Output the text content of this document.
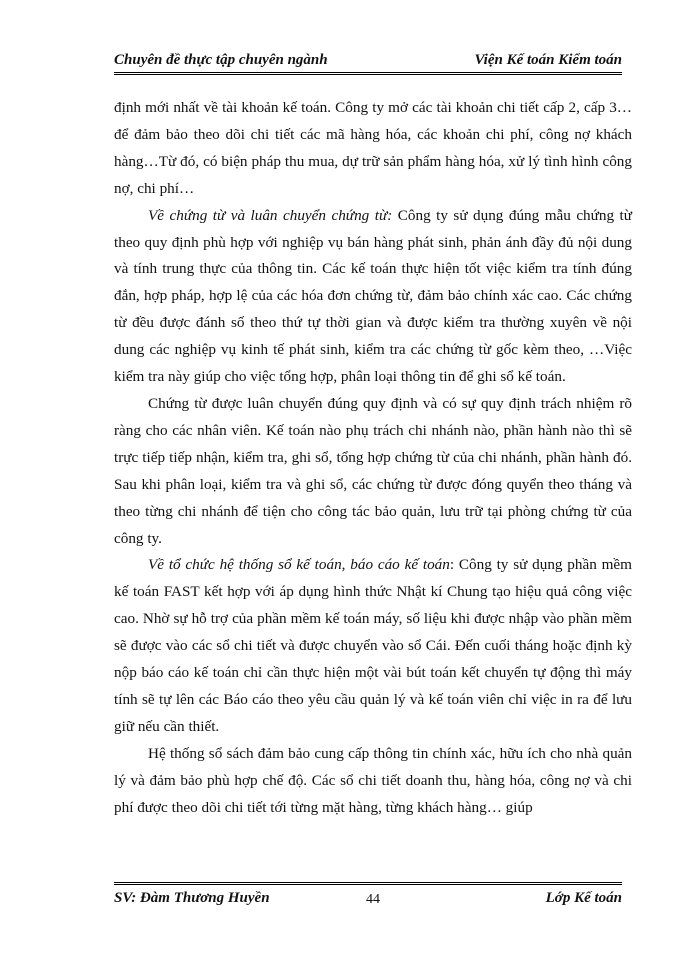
Chuyên đề thực tập chuyên ngành	Viện Kế toán Kiểm toán

định mới nhất về tài khoản kế toán. Công ty mở các tài khoản chi tiết cấp 2, cấp 3…để đảm bảo theo dõi chi tiết các mã hàng hóa, các khoản chi phí, công nợ khách hàng…Từ đó, có biện pháp thu mua, dự trữ sản phẩm hàng hóa, xử lý tình hình công nợ, chi phí…

Về chứng từ và luân chuyển chứng từ: Công ty sử dụng đúng mẫu chứng từ theo quy định phù hợp với nghiệp vụ bán hàng phát sinh, phản ánh đầy đủ nội dung và tính trung thực của thông tin. Các kế toán thực hiện tốt việc kiểm tra tính đúng đắn, hợp pháp, hợp lệ của các hóa đơn chứng từ, đảm bảo chính xác cao. Các chứng từ đều được đánh số theo thứ tự thời gian và được kiểm tra thường xuyên về nội dung các nghiệp vụ kinh tế phát sinh, kiểm tra các chứng từ gốc kèm theo, …Việc kiểm tra này giúp cho việc tổng hợp, phân loại thông tin để ghi sổ kế toán.

Chứng từ được luân chuyển đúng quy định và có sự quy định trách nhiệm rõ ràng cho các nhân viên. Kế toán nào phụ trách chi nhánh nào, phần hành nào thì sẽ trực tiếp tiếp nhận, kiểm tra, ghi sổ, tổng hợp chứng từ của chi nhánh, phần hành đó. Sau khi phân loại, kiểm tra và ghi sổ, các chứng từ được đóng quyển theo tháng và theo từng chi nhánh để tiện cho công tác bảo quản, lưu trữ tại phòng chứng từ của công ty.

Về tổ chức hệ thống sổ kế toán, báo cáo kế toán: Công ty sử dụng phần mềm kế toán FAST kết hợp với áp dụng hình thức Nhật kí Chung tạo hiệu quả công việc cao. Nhờ sự hỗ trợ của phần mềm kế toán máy, số liệu khi được nhập vào phần mềm sẽ được vào các sổ chi tiết và được chuyển vào sổ Cái. Đến cuối tháng hoặc định kỳ nộp báo cáo kế toán chỉ cần thực hiện một vài bút toán kết chuyển tự động thì máy tính sẽ tự lên các Báo cáo theo yêu cầu quản lý và kế toán viên chỉ việc in ra để lưu giữ nếu cần thiết.

Hệ thống sổ sách đảm bảo cung cấp thông tin chính xác, hữu ích cho nhà quản lý và đảm bảo phù hợp chế độ. Các sổ chi tiết doanh thu, hàng hóa, công nợ và chi phí được theo dõi chi tiết tới từng mặt hàng, từng khách hàng… giúp

SV: Đàm Thương Huyền	44	Lớp Kế toán
